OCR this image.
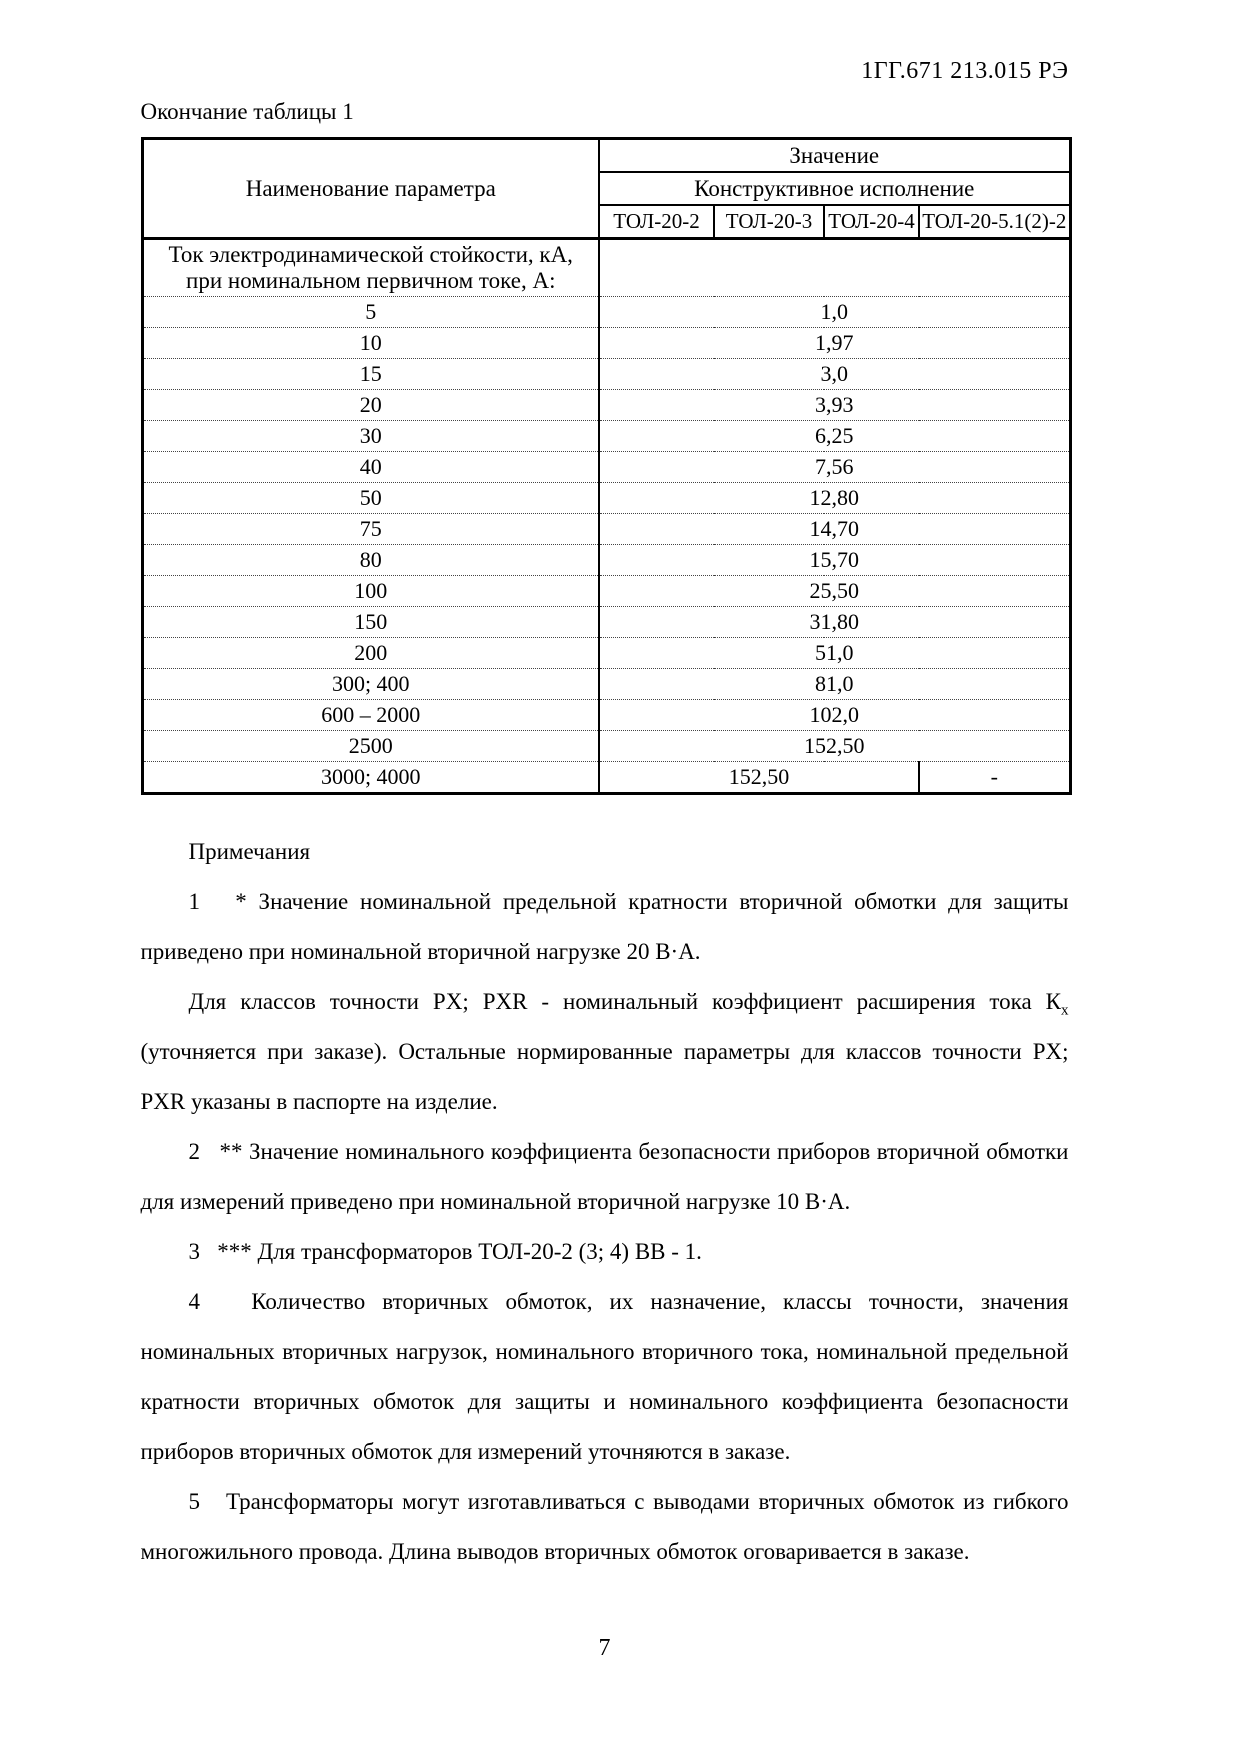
1ГГ.671 213.015 РЭ
Окончание таблицы 1
Наименование параметра	Значение			
	Конструктивное исполнение			
	ТОЛ-20-2	ТОЛ-20-3	ТОЛ-20-4	ТОЛ-20-5.1(2)-2
Ток электродинамической стойкости, кА, при номинальном первичном токе, А:				
5	1,0			
10	1,97			
15	3,0			
20	3,93			
30	6,25			
40	7,56			
50	12,80			
75	14,70			
80	15,70			
100	25,50			
150	31,80			
200	51,0			
300; 400	81,0			
600 – 2000	102,0			
2500	152,50			
3000; 4000	152,50			-

Примечания

1   * Значение номинальной предельной кратности вторичной обмотки для защиты приведено при номинальной вторичной нагрузке 20 В·А.

Для классов точности PX; PXR - номинальный коэффициент расширения тока $К_х$ (уточняется при заказе). Остальные нормированные параметры для классов точности PX; PXR указаны в паспорте на изделие.

2   ** Значение номинального коэффициента безопасности приборов вторичной обмотки для измерений приведено при номинальной вторичной нагрузке 10 В·А.

3   *** Для трансформаторов ТОЛ-20-2 (3; 4) ВВ - 1.

4   Количество вторичных обмоток, их назначение, классы точности, значения номинальных вторичных нагрузок, номинального вторичного тока, номинальной предельной кратности вторичных обмоток для защиты и номинального коэффициента безопасности приборов вторичных обмоток для измерений уточняются в заказе.

5   Трансформаторы могут изготавливаться с выводами вторичных обмоток из гибкого многожильного провода. Длина выводов вторичных обмоток оговаривается в заказе.

7
